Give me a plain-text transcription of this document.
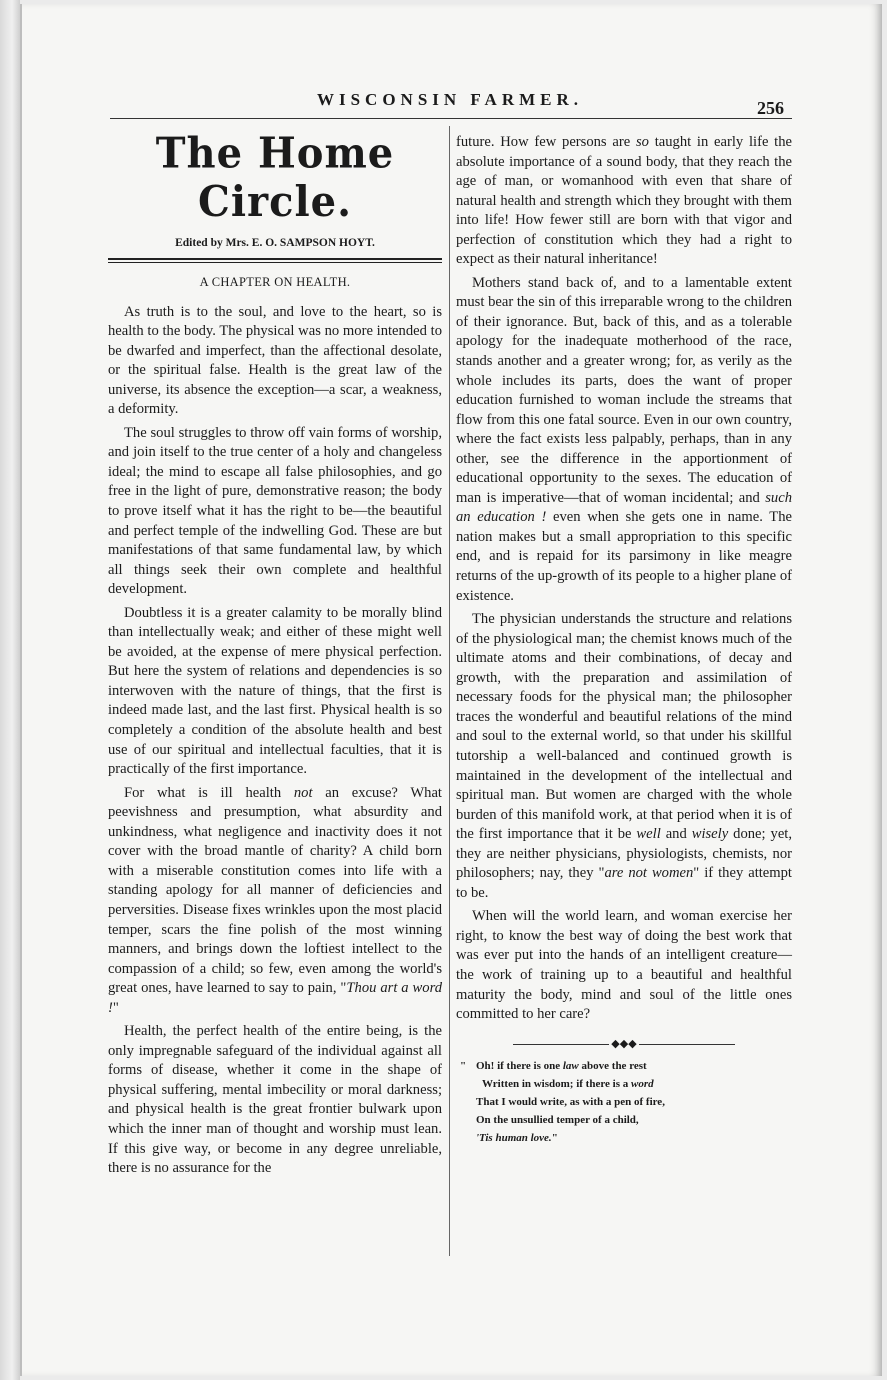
WISCONSIN FARMER.	256
The Home Circle.
Edited by Mrs. E. O. SAMPSON HOYT.
A CHAPTER ON HEALTH.

As truth is to the soul, and love to the heart, so is health to the body. The physical was no more intended to be dwarfed and imperfect, than the affectional desolate, or the spiritual false. Health is the great law of the universe, its absence the exception—a scar, a weakness, a deformity.

The soul struggles to throw off vain forms of worship, and join itself to the true center of a holy and changeless ideal; the mind to escape all false philosophies, and go free in the light of pure, demonstrative reason; the body to prove itself what it has the right to be—the beautiful and perfect temple of the indwelling God. These are but manifestations of that same fundamental law, by which all things seek their own complete and healthful development.

Doubtless it is a greater calamity to be morally blind than intellectually weak; and either of these might well be avoided, at the expense of mere physical perfection. But here the system of relations and dependencies is so interwoven with the nature of things, that the first is indeed made last, and the last first. Physical health is so completely a condition of the absolute health and best use of our spiritual and intellectual faculties, that it is practically of the first importance.

For what is ill health not an excuse? What peevishness and presumption, what absurdity and unkindness, what negligence and inactivity does it not cover with the broad mantle of charity? A child born with a miserable constitution comes into life with a standing apology for all manner of deficiencies and perversities. Disease fixes wrinkles upon the most placid temper, scars the fine polish of the most winning manners, and brings down the loftiest intellect to the compassion of a child; so few, even among the world's great ones, have learned to say to pain, "Thou art a word !"

Health, the perfect health of the entire being, is the only impregnable safeguard of the individual against all forms of disease, whether it come in the shape of physical suffering, mental imbecility or moral darkness; and physical health is the great frontier bulwark upon which the inner man of thought and worship must lean. If this give way, or become in any degree unreliable, there is no assurance for the

future. How few persons are so taught in early life the absolute importance of a sound body, that they reach the age of man, or womanhood with even that share of natural health and strength which they brought with them into life! How fewer still are born with that vigor and perfection of constitution which they had a right to expect as their natural inheritance!

Mothers stand back of, and to a lamentable extent must bear the sin of this irreparable wrong to the children of their ignorance. But, back of this, and as a tolerable apology for the inadequate motherhood of the race, stands another and a greater wrong; for, as verily as the whole includes its parts, does the want of proper education furnished to woman include the streams that flow from this one fatal source. Even in our own country, where the fact exists less palpably, perhaps, than in any other, see the difference in the apportionment of educational opportunity to the sexes. The education of man is imperative—that of woman incidental; and such an education ! even when she gets one in name. The nation makes but a small appropriation to this specific end, and is repaid for its parsimony in like meagre returns of the up-growth of its people to a higher plane of existence.

The physician understands the structure and relations of the physiological man; the chemist knows much of the ultimate atoms and their combinations, of decay and growth, with the preparation and assimilation of necessary foods for the physical man; the philosopher traces the wonderful and beautiful relations of the mind and soul to the external world, so that under his skillful tutorship a well-balanced and continued growth is maintained in the development of the intellectual and spiritual man. But women are charged with the whole burden of this manifold work, at that period when it is of the first importance that it be well and wisely done; yet, they are neither physicians, physiologists, chemists, nor philosophers; nay, they "are not women" if they attempt to be.

When will the world learn, and woman exercise her right, to know the best way of doing the best work that was ever put into the hands of an intelligent creature—the work of training up to a beautiful and healthful maturity the body, mind and soul of the little ones committed to her care?

◆◆◆
" Oh! if there is one law above the rest
Written in wisdom; if there is a word
That I would write, as with a pen of fire,
On the unsullied temper of a child,
'Tis human love."
